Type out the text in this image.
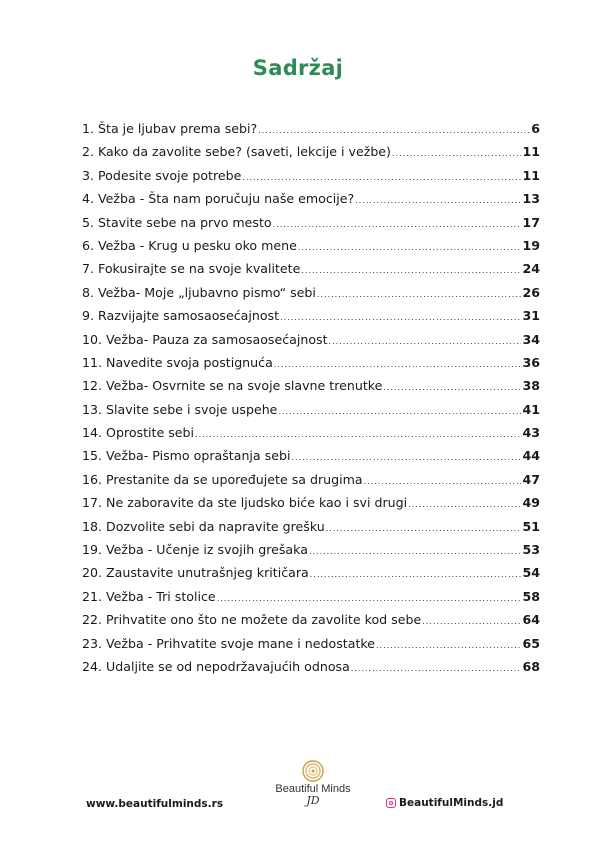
Sadržaj
1. Šta je ljubav prema sebi? .....	6
2. Kako da zavolite sebe? (saveti, lekcije i vežbe) .....	11
3. Podesite svoje potrebe .....	11
4. Vežba - Šta nam poručuju naše emocije? .....	13
5. Stavite sebe na prvo mesto .....	17
6. Vežba - Krug u pesku oko mene .....	19
7. Fokusirajte se na svoje kvalitete .....	24
8. Vežba- Moje „ljubavno pismo“ sebi .....	26
9. Razvijajte samosaosećajnost .....	31
10. Vežba- Pauza za samosaosećajnost .....	34
11. Navedite svoja postignuća .....	36
12. Vežba- Osvrnite se na svoje slavne trenutke .....	38
13. Slavite sebe i svoje uspehe .....	41
14. Oprostite sebi .....	43
15. Vežba- Pismo opraštanja sebi .....	44
16. Prestanite da se upoređujete sa drugima .....	47
17. Ne zaboravite da ste ljudsko biće kao i svi drugi .....	49
18. Dozvolite sebi da napravite grešku .....	51
19. Vežba - Učenje iz svojih grešaka .....	53
20. Zaustavite unutrašnjeg kritičara .....	54
21. Vežba - Tri stolice .....	58
22. Prihvatite ono što ne možete da zavolite kod sebe .....	64
23. Vežba - Prihvatite svoje mane i nedostatke .....	65
24. Udaljite se od nepodržavajućih odnosa .....	68
Beautiful Minds
JD
www.beautifulminds.rs	BeautifulMinds.jd
